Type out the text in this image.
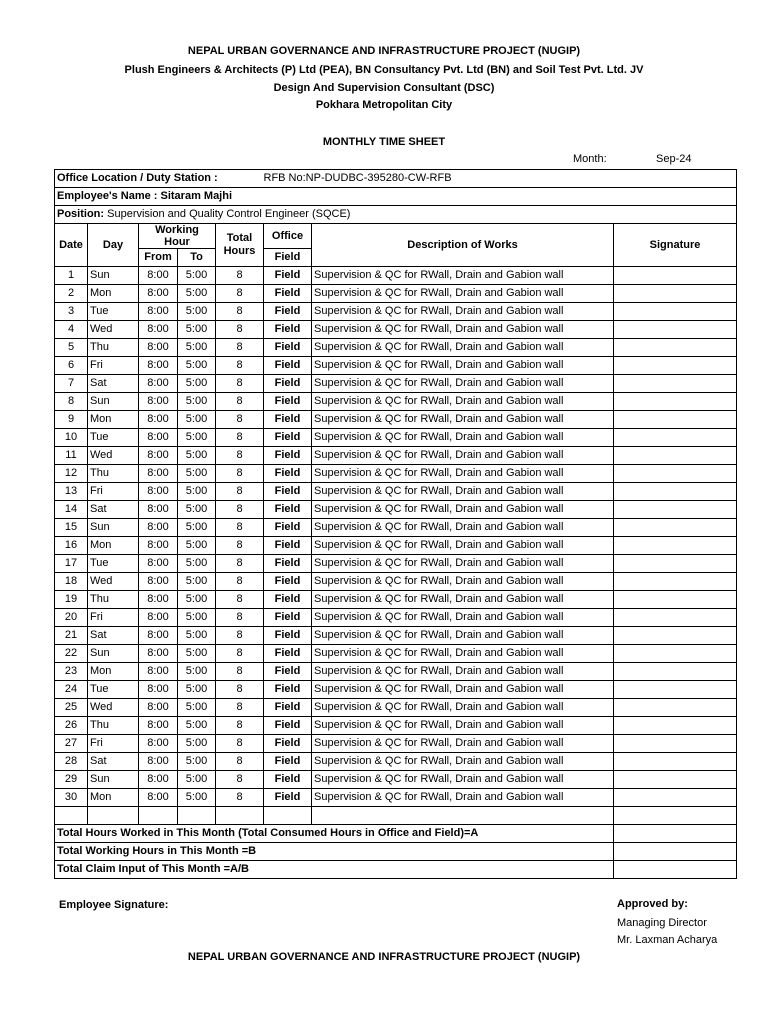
NEPAL URBAN GOVERNANCE AND INFRASTRUCTURE PROJECT (NUGIP)
Plush Engineers & Architects (P) Ltd (PEA), BN Consultancy Pvt. Ltd (BN) and Soil Test Pvt. Ltd. JV
Design And Supervision Consultant (DSC)
Pokhara Metropolitan City
MONTHLY TIME SHEET
Month:	Sep-24
Office Location / Duty Station :					RFB No:NP-DUDBC-395280-CW-RFB		
Employee's Name : Sitaram Majhi							
Position: Supervision and Quality Control Engineer (SQCE)							
Date	Day	Working Hour		Total Hours	Office	Description of Works	Signature
		From	To		Field		
1	Sun	8:00	5:00	8	Field	Supervision & QC for RWall, Drain and Gabion wall	
2	Mon	8:00	5:00	8	Field	Supervision & QC for RWall, Drain and Gabion wall	
3	Tue	8:00	5:00	8	Field	Supervision & QC for RWall, Drain and Gabion wall	
4	Wed	8:00	5:00	8	Field	Supervision & QC for RWall, Drain and Gabion wall	
5	Thu	8:00	5:00	8	Field	Supervision & QC for RWall, Drain and Gabion wall	
6	Fri	8:00	5:00	8	Field	Supervision & QC for RWall, Drain and Gabion wall	
7	Sat	8:00	5:00	8	Field	Supervision & QC for RWall, Drain and Gabion wall	
8	Sun	8:00	5:00	8	Field	Supervision & QC for RWall, Drain and Gabion wall	
9	Mon	8:00	5:00	8	Field	Supervision & QC for RWall, Drain and Gabion wall	
10	Tue	8:00	5:00	8	Field	Supervision & QC for RWall, Drain and Gabion wall	
11	Wed	8:00	5:00	8	Field	Supervision & QC for RWall, Drain and Gabion wall	
12	Thu	8:00	5:00	8	Field	Supervision & QC for RWall, Drain and Gabion wall	
13	Fri	8:00	5:00	8	Field	Supervision & QC for RWall, Drain and Gabion wall	
14	Sat	8:00	5:00	8	Field	Supervision & QC for RWall, Drain and Gabion wall	
15	Sun	8:00	5:00	8	Field	Supervision & QC for RWall, Drain and Gabion wall	
16	Mon	8:00	5:00	8	Field	Supervision & QC for RWall, Drain and Gabion wall	
17	Tue	8:00	5:00	8	Field	Supervision & QC for RWall, Drain and Gabion wall	
18	Wed	8:00	5:00	8	Field	Supervision & QC for RWall, Drain and Gabion wall	
19	Thu	8:00	5:00	8	Field	Supervision & QC for RWall, Drain and Gabion wall	
20	Fri	8:00	5:00	8	Field	Supervision & QC for RWall, Drain and Gabion wall	
21	Sat	8:00	5:00	8	Field	Supervision & QC for RWall, Drain and Gabion wall	
22	Sun	8:00	5:00	8	Field	Supervision & QC for RWall, Drain and Gabion wall	
23	Mon	8:00	5:00	8	Field	Supervision & QC for RWall, Drain and Gabion wall	
24	Tue	8:00	5:00	8	Field	Supervision & QC for RWall, Drain and Gabion wall	
25	Wed	8:00	5:00	8	Field	Supervision & QC for RWall, Drain and Gabion wall	
26	Thu	8:00	5:00	8	Field	Supervision & QC for RWall, Drain and Gabion wall	
27	Fri	8:00	5:00	8	Field	Supervision & QC for RWall, Drain and Gabion wall	
28	Sat	8:00	5:00	8	Field	Supervision & QC for RWall, Drain and Gabion wall	
29	Sun	8:00	5:00	8	Field	Supervision & QC for RWall, Drain and Gabion wall	
30	Mon	8:00	5:00	8	Field	Supervision & QC for RWall, Drain and Gabion wall	

Total Hours Worked in This Month (Total Consumed Hours in Office and Field)=A							
Total Working Hours in This Month =B							
Total Claim Input of This Month =A/B							
Employee Signature:	Approved by:
Managing Director
Mr. Laxman Acharya
NEPAL URBAN GOVERNANCE AND INFRASTRUCTURE PROJECT (NUGIP)
